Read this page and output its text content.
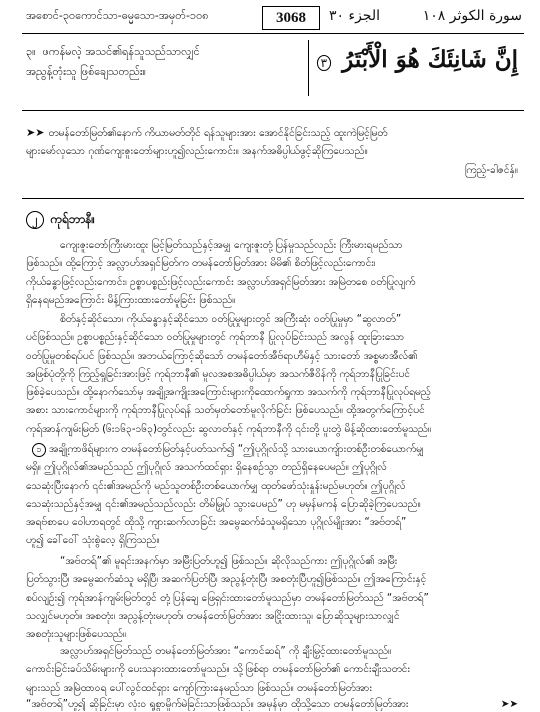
အစောင်-၃၀ကောင်သာ-ဓမ္မသော-အမှတ်-၁၀၈	3068	الجزء ٣٠	سورة الكوثر ١٠٨
၃။ ဖကန်မလဲ့ အသင်၏ရန်သူသည်သာလျှင်
အညွန့်တုံးသူ ဖြစ်ချေသတည်း။	إِنَّ شَانِئَكَ هُوَ الْأَبْتَرُ ٣
➤➤ တမန်တော်မြတ်၏နောက် ကိယာမတ်တိုင် ရန်သူများအား အောင်နိုင်ခြင်းသည့် ထူးကဲမြင့်မြတ်
များမော်လှသော ဂုဏ်ကျေးဇူးတော်များဟူ၍လည်းကောင်း။ အနက်အဓိပ္ပါယ်ဖွင့်ဆိုကြပေသည်။
ကြည့်-ခါဇင်နှ်။
၂ ကုရ်ဘာနီ။
ကျေးဇူးတော်ကြီးမားထူး မြင့်မြတ်သည်နှင့်အမျှ ကျေးဇူးတုံ့ပြန်မှုသည်လည်း ကြီးမားရမည်သာ
ဖြစ်သည်။ ထို့ကြောင့် အလ္လာဟ်အရှင်မြတ်က တမန်တော်မြတ်အား မိမိ၏ စိတ်ဖြင့်လည်းကောင်း၊
ကိုယ်ခန္ဓာဖြင့်လည်းကောင်း၊ ဥစ္စာပစ္စည်းဖြင့်လည်းကောင်း အလ္လာဟ်အရှင်မြတ်အား အမြဲတစေ ဝတ်ပြုလျက်
ရှိနေရမည်အကြောင်း မိန့်ကြားထားတော်မူခြင်း ဖြစ်သည်။
စိတ်နှင့်ဆိုင်သော၊ ကိုယ်ခန္ဓာနှင့်ဆိုင်သော ဝတ်ပြုမှုများတွင် အကြီးဆုံး ဝတ်ပြုမှုမှာ “ဆွလာတ်”
ပင်ဖြစ်သည်။ ဥစ္စာပစ္စည်းနှင့်ဆိုင်သော ဝတ်ပြုမှုများတွင် ကုရ်ဘာနီ ပြုလုပ်ခြင်းသည် အလွန် ထူးခြားသော
ဝတ်ပြုမှုတစ်ရပ်ပင် ဖြစ်သည်။ အဘယ်ကြောင့်ဆိုသော် တမန်တော်အီဗ်ရာဟီမ်နှင့် သားတော် အစ္စမာအီလ်၏
အဖြစ်ပုံတို့ကို ကြည့်ရှုခြင်းအားဖြင့် ကုရ်ဘာနီ၏ မူလအစအဓိပ္ပါယ်မှာ အသက်ဇီဝိန်ကို ကုရ်ဘာနီပြုခြင်းပင်
ဖြစ်ခဲ့ပေသည်။ ထို့နောက်သော်မှ အချို့အကျိုးအကြောင်းများကိုထောက်ရှုကာ အသက်ကို ကုရ်ဘာနီပြုလုပ်ရမည့်
အစား သားကောင်များကို ကုရ်ဘာနီပြုလုပ်ရန် သတ်မှတ်တော်မူလိုက်ခြင်း ဖြစ်ပေသည်။ ထို့အတွက်ကြောင့်ပင်
ကုရ်အာန်ကျမ်းမြတ် (၆း၁၆၃-၁၆၃)တွင်လည်း ဆွလာတ်နှင့် ကုရ်ဘာနီကို ၎င်းတို့ ပူးတွဲ မိန့်ဆိုထားတော်မူသည်။
၁ အချို့ကာဖိရ်များက တမန်တော်မြတ်နှင့်ပတ်သက်၍ “ဤပုဂ္ဂိုလ်သို့ သားယောကျ်ားတစ်ဦးတစ်ယောက်မျှ
မရှိ။ ဤပုဂ္ဂိုလ်၏အမည်သည် ဤပုဂ္ဂိုလ် အသက်ထင်ရှား ရှိနေစဉ်သွာ တည်ရှိနေပေမည်။ ဤပုဂ္ဂိုလ်
သေဆုံးပြီးနောက် ၎င်း၏အမည်ကို မည်သူတစ်ဦးတစ်ယောက်မျှ ထုတ်ဖော်သုံးနှုန်းမည်မဟုတ်။ ဤပုဂ္ဂိုလ်
သေဆုံးသည်နှင့်အမျှ ၎င်း၏အမည်သည်လည်း တိမ်မြှုပ် သွားပေမည်” ဟု မမှန်မကန် ပြောဆိုခဲ့ကြပေသည်။
အရဗ်စာပေ ဝေါဟာရတွင် ထိုသို့ ကျားဆက်လာခြင်း အမွေဆက်ခံသူမရှိသော ပုဂ္ဂိုလ်မျိုးအား “အဗ်တရ်”
ဟူ၍ ခေါ်ဝေါ် သုံးစွဲလေ့ ရှိကြသည်။
“အဗ်တရ်”၏ မူရင်းအနက်မှာ အမြီးပြတ်ဟူ၍ ဖြစ်သည်။ ဆိုလိုသည်ကား ဤပုဂ္ဂိုလ်၏ အမြီး
ပြတ်သွားပြီ၊ အမွေဆက်ဆံသူ မရှိပြီ၊ အဆက်ပြတ်ပြီ၊ အညွန့်တုံးပြီ၊ အစတုံးပြီဟူ၍ဖြစ်သည်။ ဤအကြောင်းနှင့်
စပ်လျဉ်း၍ ကုရ်အာန်ကျမ်းမြတ်တွင် တုံ့ပြန်ချေ ဖြေရှင်းထားတော်မူသည်မှာ တမန်တော်မြတ်သည် “အဗ်တရ်”
သလျှင်မဟုတ်။ အစတုံး၊ အညွန့်တုံးမဟုတ်၊ တမန်တော်မြတ်အား အငြိုးထားသူ၊ ပြောဆိုသူများသာလျှင်
အစတုံးသူများဖြစ်ပေသည်။
အလ္လာဟ်အရှင်မြတ်သည် တမန်တော်မြတ်အား “ကောင်ဆရ်” ကို ချီးမြှင့်ထားတော်မူသည်။
ကောင်းခြင်းခပ်သိမ်းများကို ပေးသနားထားတော်မူသည်။ သို့ဖြစ်ရာ တမန်တော်မြတ်၏ ကောင်းချီးသတင်း
များသည် အမြဲထာဝရ ပေါ်လွင်ထင်ရှား ကျော်ကြားနေမည်သာ ဖြစ်သည်။ တမန်တော်မြတ်အား
➤➤
“အဗ်တရ်”ဟူ၍ ဆိုခြင်းမှာ လုံးဝ ရှုစွာမှိုက်မဲခြင်းသာဖြစ်သည်။ အမှန်မှာ ထိုသို့သော တမန်တော်မြတ်အား
